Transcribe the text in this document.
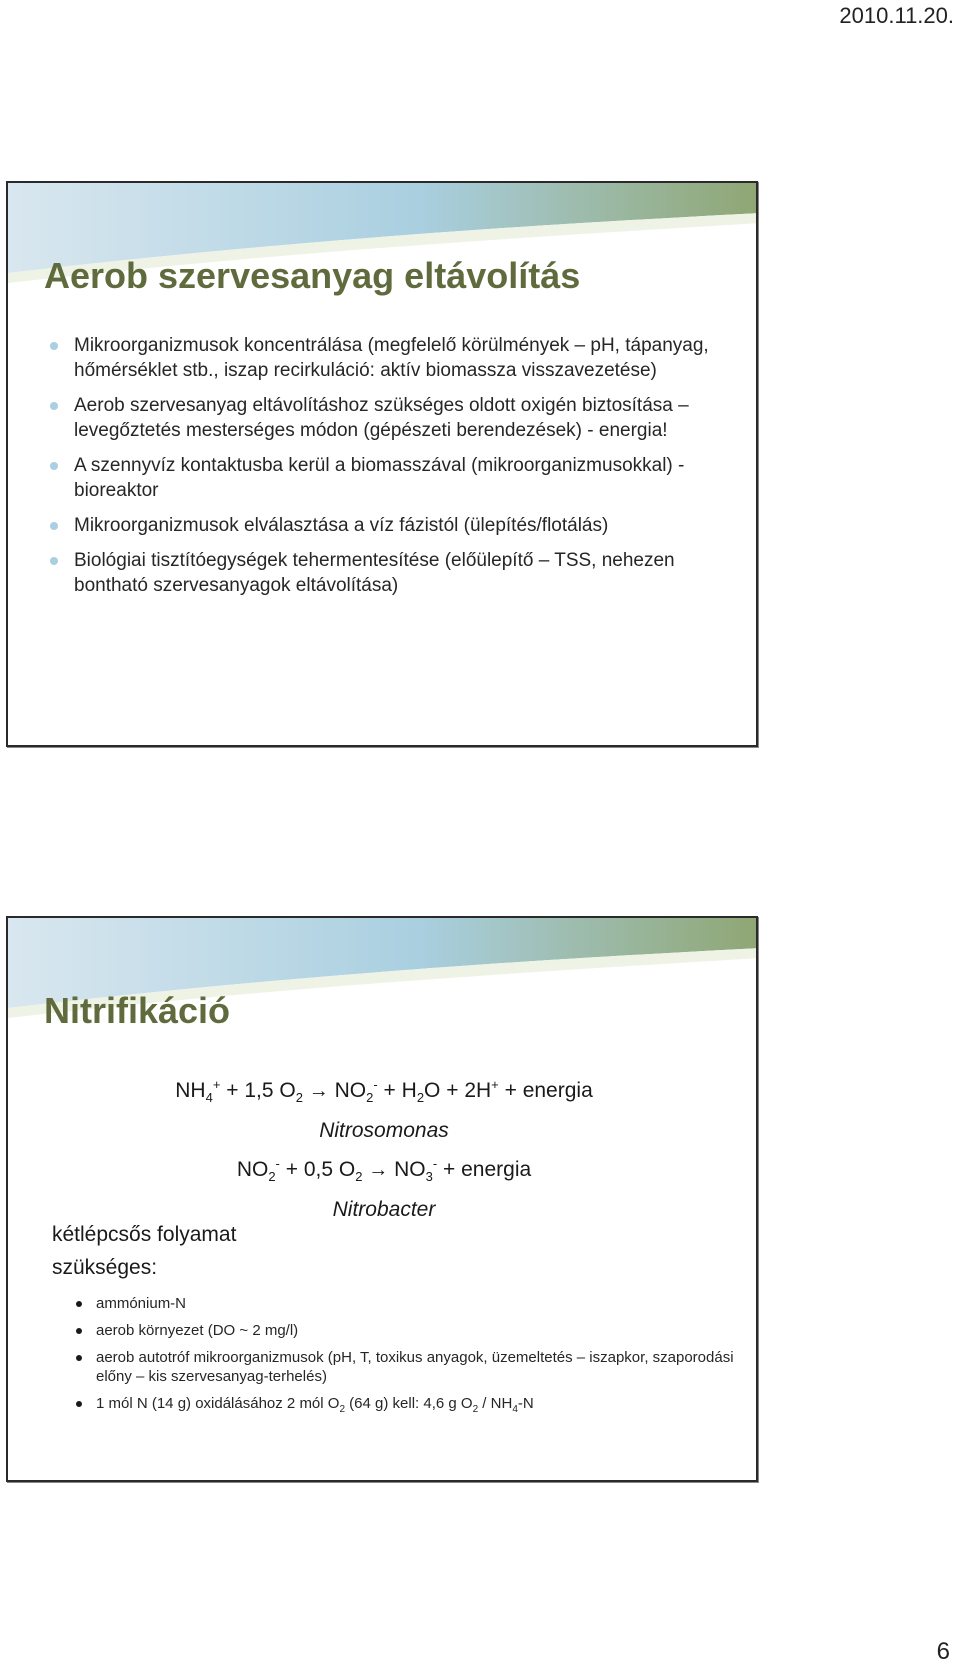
2010.11.20.
Aerob szervesanyag eltávolítás
Mikroorganizmusok koncentrálása (megfelelő körülmények – pH, tápanyag, hőmérséklet stb., iszap recirkuláció: aktív biomassza visszavezetése)
Aerob szervesanyag eltávolításhoz szükséges oldott oxigén biztosítása – levegőztetés mesterséges módon (gépészeti berendezések) - energia!
A szennyvíz kontaktusba kerül a biomasszával (mikroorganizmusokkal) - bioreaktor
Mikroorganizmusok elválasztása a víz fázistól (ülepítés/flotálás)
Biológiai tisztítóegységek tehermentesítése (előülepítő – TSS, nehezen bontható szervesanyagok eltávolítása)
Nitrifikáció
$NH_4^+ + 1,5$ $O_2 \to NO_2^- + H_2O + 2H^+$ + energia
Nitrosomonas
$NO_2^- + 0,5$ $O_2 \to NO_3^-$ + energia
Nitrobacter
kétlépcsős folyamat
szükséges:
ammónium-N
aerob környezet (DO ~ 2 mg/l)
aerob autotróf mikroorganizmusok (pH, T, toxikus anyagok, üzemeltetés – iszapkor, szaporodási előny – kis szervesanyag-terhelés)
1 mól N (14 g) oxidálásához 2 mól $O_2$ (64 g) kell: 4,6 g $O_2 / NH_4-N$
6
